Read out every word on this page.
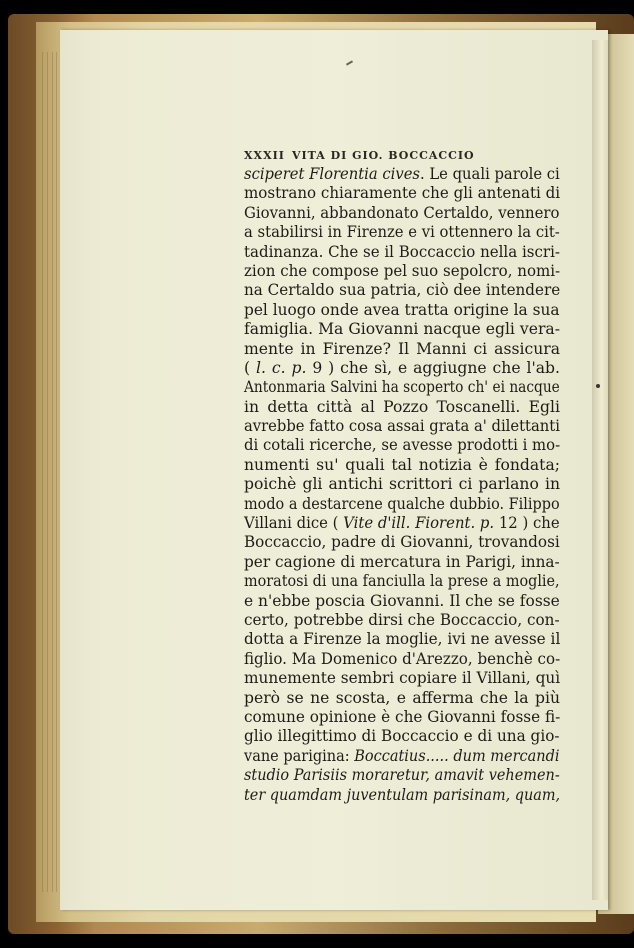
XXXII VITA DI GIO. BOCCACCIO
sciperet Florentia cives. Le quali parole ci
mostrano chiaramente che gli antenati di
Giovanni, abbandonato Certaldo, vennero
a stabilirsi in Firenze e vi ottennero la cit-
tadinanza. Che se il Boccaccio nella iscri-
zion che compose pel suo sepolcro, nomi-
na Certaldo sua patria, ciò dee intendere
pel luogo onde avea tratta origine la sua
famiglia. Ma Giovanni nacque egli vera-
mente in Firenze? Il Manni ci assicura
( l. c. p. 9 ) che sì, e aggiugne che l'ab.
Antonmaria Salvini ha scoperto ch' ei nacque
in detta città al Pozzo Toscanelli. Egli
avrebbe fatto cosa assai grata a' dilettanti
di cotali ricerche, se avesse prodotti i mo-
numenti su' quali tal notizia è fondata;
poichè gli antichi scrittori ci parlano in
modo a destarcene qualche dubbio. Filippo
Villani dice ( Vite d'ill. Fiorent. p. 12 ) che
Boccaccio, padre di Giovanni, trovandosi
per cagione di mercatura in Parigi, inna-
moratosi di una fanciulla la prese a moglie,
e n'ebbe poscia Giovanni. Il che se fosse
certo, potrebbe dirsi che Boccaccio, con-
dotta a Firenze la moglie, ivi ne avesse il
figlio. Ma Domenico d'Arezzo, benchè co-
munemente sembri copiare il Villani, quì
però se ne scosta, e afferma che la più
comune opinione è che Giovanni fosse fi-
glio illegittimo di Boccaccio e di una gio-
vane parigina: Boccatius..... dum mercandi
studio Parisiis moraretur, amavit vehemen-
ter quamdam juventulam parisinam, quam,
